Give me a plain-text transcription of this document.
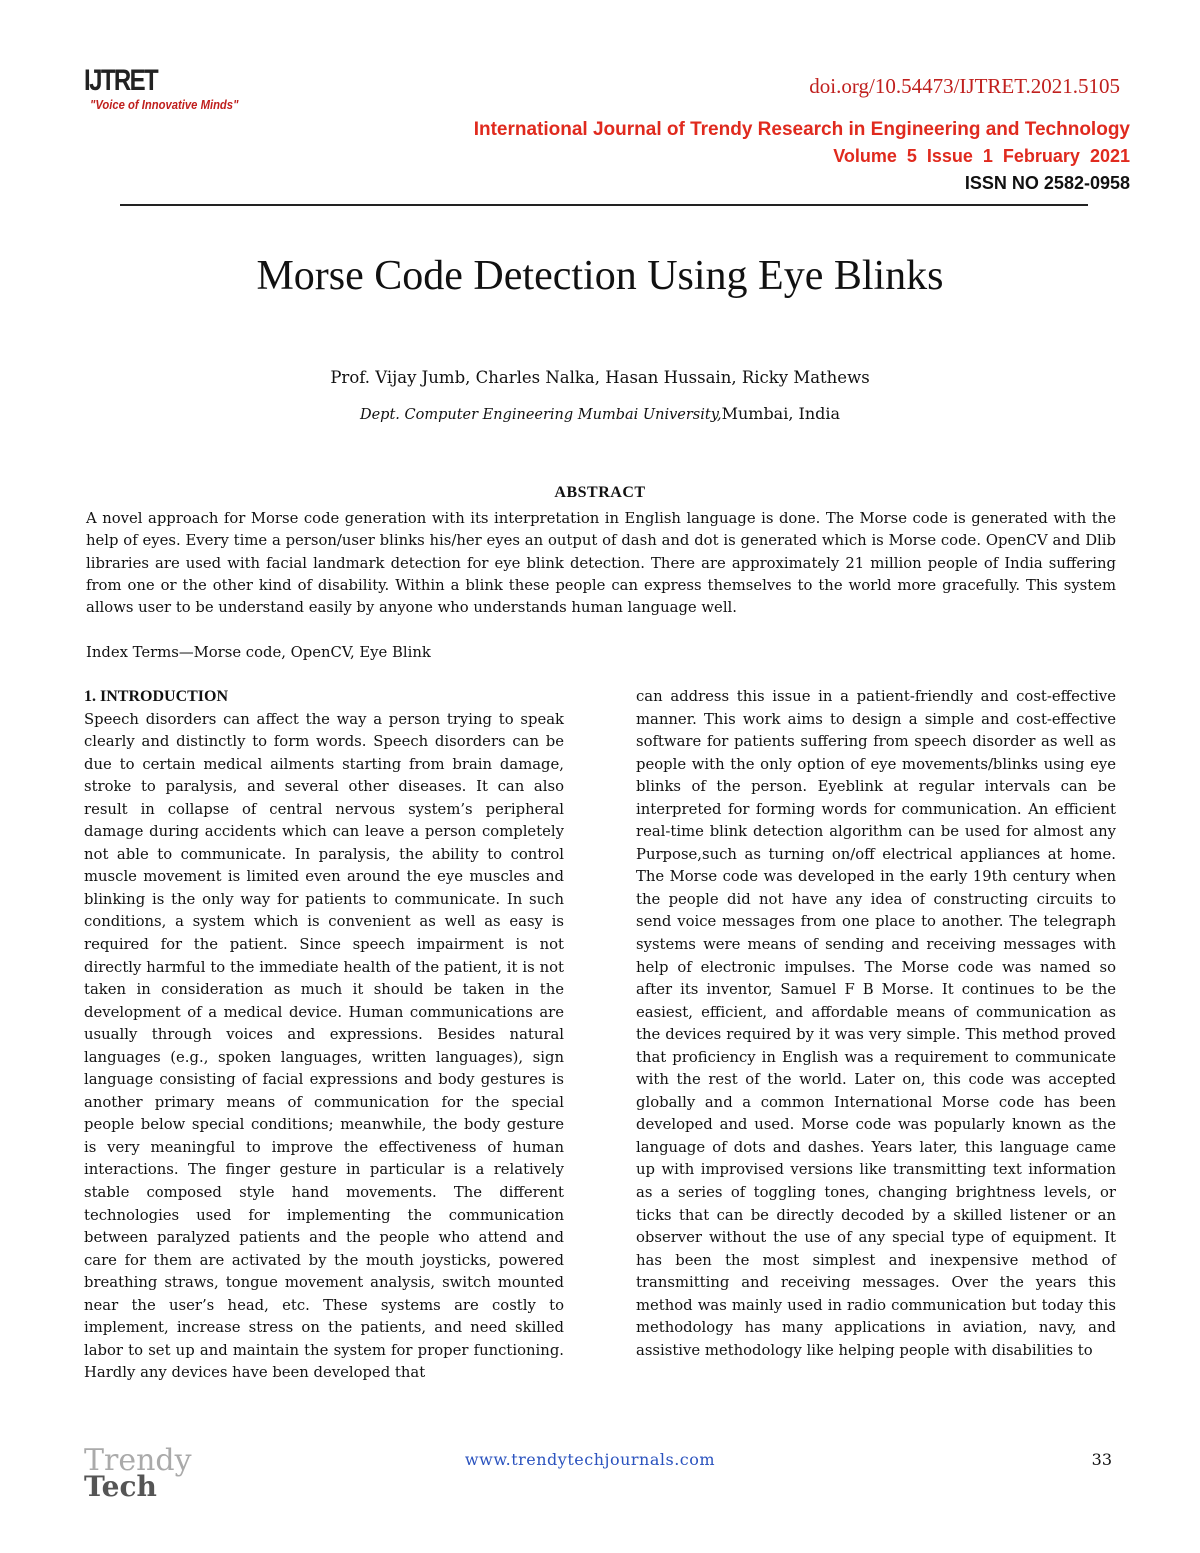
IJTRET
"Voice of Innovative Minds"
doi.org/10.54473/IJTRET.2021.5105
International Journal of Trendy Research in Engineering and Technology
Volume 5 Issue 1 February 2021
ISSN NO 2582-0958
Morse Code Detection Using Eye Blinks
Prof. Vijay Jumb, Charles Nalka, Hasan Hussain, Ricky Mathews
Dept. Computer Engineering Mumbai University,Mumbai, India
ABSTRACT
A novel approach for Morse code generation with its interpretation in English language is done. The Morse code is generated with the help of eyes. Every time a person/user blinks his/her eyes an output of dash and dot is generated which is Morse code. OpenCV and Dlib libraries are used with facial landmark detection for eye blink detection. There are approximately 21 million people of India suffering from one or the other kind of disability. Within a blink these people can express themselves to the world more gracefully. This system allows user to be understand easily by anyone who understands human language well.
Index Terms—Morse code, OpenCV, Eye Blink
1. INTRODUCTION

Speech disorders can affect the way a person trying to speak clearly and distinctly to form words. Speech disorders can be due to certain medical ailments starting from brain damage, stroke to paralysis, and several other diseases. It can also result in collapse of central nervous system’s peripheral damage during accidents which can leave a person completely not able to communicate. In paralysis, the ability to control muscle movement is limited even around the eye muscles and blinking is the only way for patients to communicate. In such conditions, a system which is convenient as well as easy is required for the patient. Since speech impairment is not directly harmful to the immediate health of the patient, it is not taken in consideration as much it should be taken in the development of a medical device. Human communications are usually through voices and expressions. Besides natural languages (e.g., spoken languages, written languages), sign language consisting of facial expressions and body gestures is another primary means of communication for the special people below special conditions; meanwhile, the body gesture is very meaningful to improve the effectiveness of human interactions. The finger gesture in particular is a relatively stable composed style hand movements. The different technologies used for implementing the communication between paralyzed patients and the people who attend and care for them are activated by the mouth joysticks, powered breathing straws, tongue movement analysis, switch mounted near the user’s head, etc. These systems are costly to implement, increase stress on the patients, and need skilled labor to set up and maintain the system for proper functioning. Hardly any devices have been developed that

can address this issue in a patient-friendly and cost-effective manner. This work aims to design a simple and cost-effective software for patients suffering from speech disorder as well as people with the only option of eye movements/blinks using eye blinks of the person. Eyeblink at regular intervals can be interpreted for forming words for communication. An efficient real-time blink detection algorithm can be used for almost any Purpose,such as turning on/off electrical appliances at home. The Morse code was developed in the early 19th century when the people did not have any idea of constructing circuits to send voice messages from one place to another. The telegraph systems were means of sending and receiving messages with help of electronic impulses. The Morse code was named so after its inventor, Samuel F B Morse. It continues to be the easiest, efficient, and affordable means of communication as the devices required by it was very simple. This method proved that proficiency in English was a requirement to communicate with the rest of the world. Later on, this code was accepted globally and a common International Morse code has been developed and used. Morse code was popularly known as the language of dots and dashes. Years later, this language came up with improvised versions like transmitting text information as a series of toggling tones, changing brightness levels, or ticks that can be directly decoded by a skilled listener or an observer without the use of any special type of equipment. It has been the most simplest and inexpensive method of transmitting and receiving messages. Over the years this method was mainly used in radio communication but today this methodology has many applications in aviation, navy, and assistive methodology like helping people with disabilities to

Trendy
Tech
www.trendytechjournals.com	33
